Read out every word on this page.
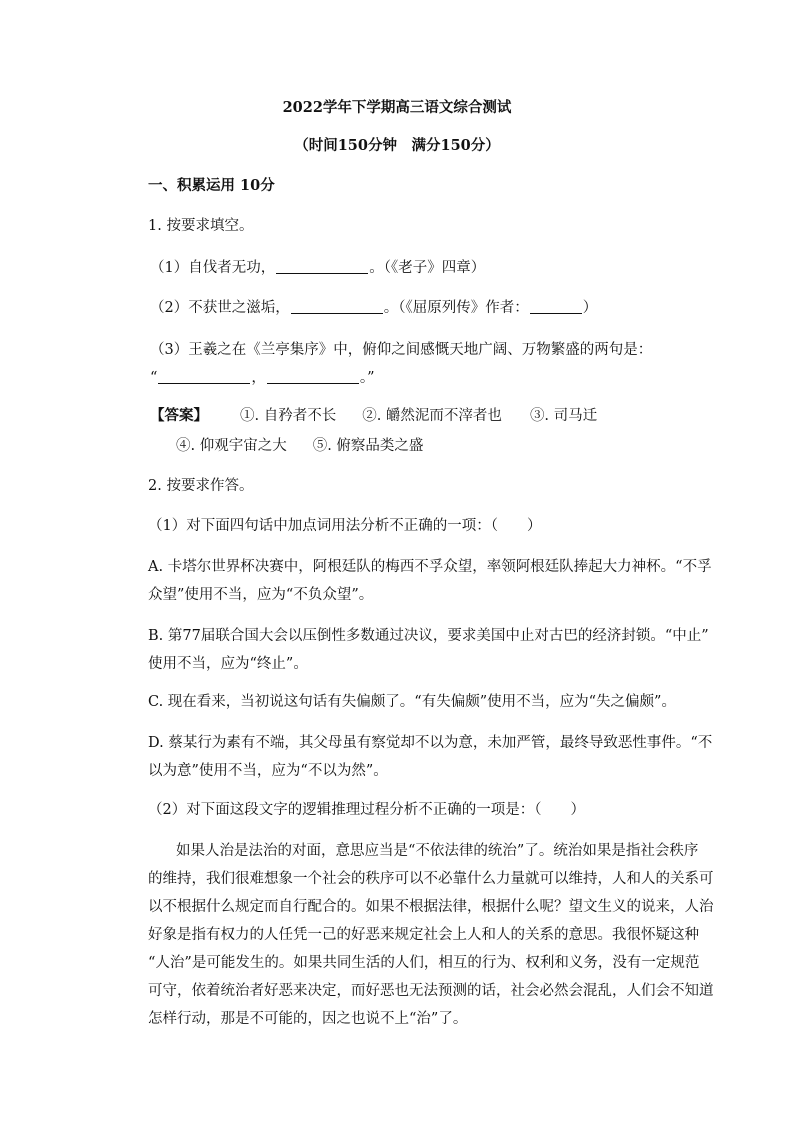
2022学年下学期高三语文综合测试

（时间150分钟　满分150分）

一、积累运用 10分

1. 按要求填空。

（1）自伐者无功，	。（《老子》四章）

（2）不获世之滋垢，	。（《屈原列传》作者：	）

（3）王羲之在《兰亭集序》中，俯仰之间感慨天地广阔、万物繁盛的两句是：

“	，	。”

【答案】 ①. 自矜者不长 ②. 皭然泥而不滓者也 ③. 司马迁

④. 仰观宇宙之大 ⑤. 俯察品类之盛

2. 按要求作答。

（1）对下面四句话中加点词用法分析不正确的一项：（　　）

A. 卡塔尔世界杯决赛中，阿根廷队的梅西不孚众望，率领阿根廷队捧起大力神杯。“不孚

众望”使用不当，应为“不负众望”。

B. 第77届联合国大会以压倒性多数通过决议，要求美国中止对古巴的经济封锁。“中止”

使用不当，应为“终止”。

C. 现在看来，当初说这句话有失偏颇了。“有失偏颇”使用不当，应为“失之偏颇”。

D. 蔡某行为素有不端，其父母虽有察觉却不以为意，未加严管，最终导致恶性事件。“不

以为意”使用不当，应为“不以为然”。

（2）对下面这段文字的逻辑推理过程分析不正确的一项是：（　　）

如果人治是法治的对面，意思应当是“不依法律的统治”了。统治如果是指社会秩序

的维持，我们很难想象一个社会的秩序可以不必靠什么力量就可以维持，人和人的关系可

以不根据什么规定而自行配合的。如果不根据法律，根据什么呢？望文生义的说来，人治

好象是指有权力的人任凭一己的好恶来规定社会上人和人的关系的意思。我很怀疑这种

“人治”是可能发生的。如果共同生活的人们，相互的行为、权利和义务，没有一定规范

可守，依着统治者好恶来决定，而好恶也无法预测的话，社会必然会混乱，人们会不知道

怎样行动，那是不可能的，因之也说不上“治”了。
